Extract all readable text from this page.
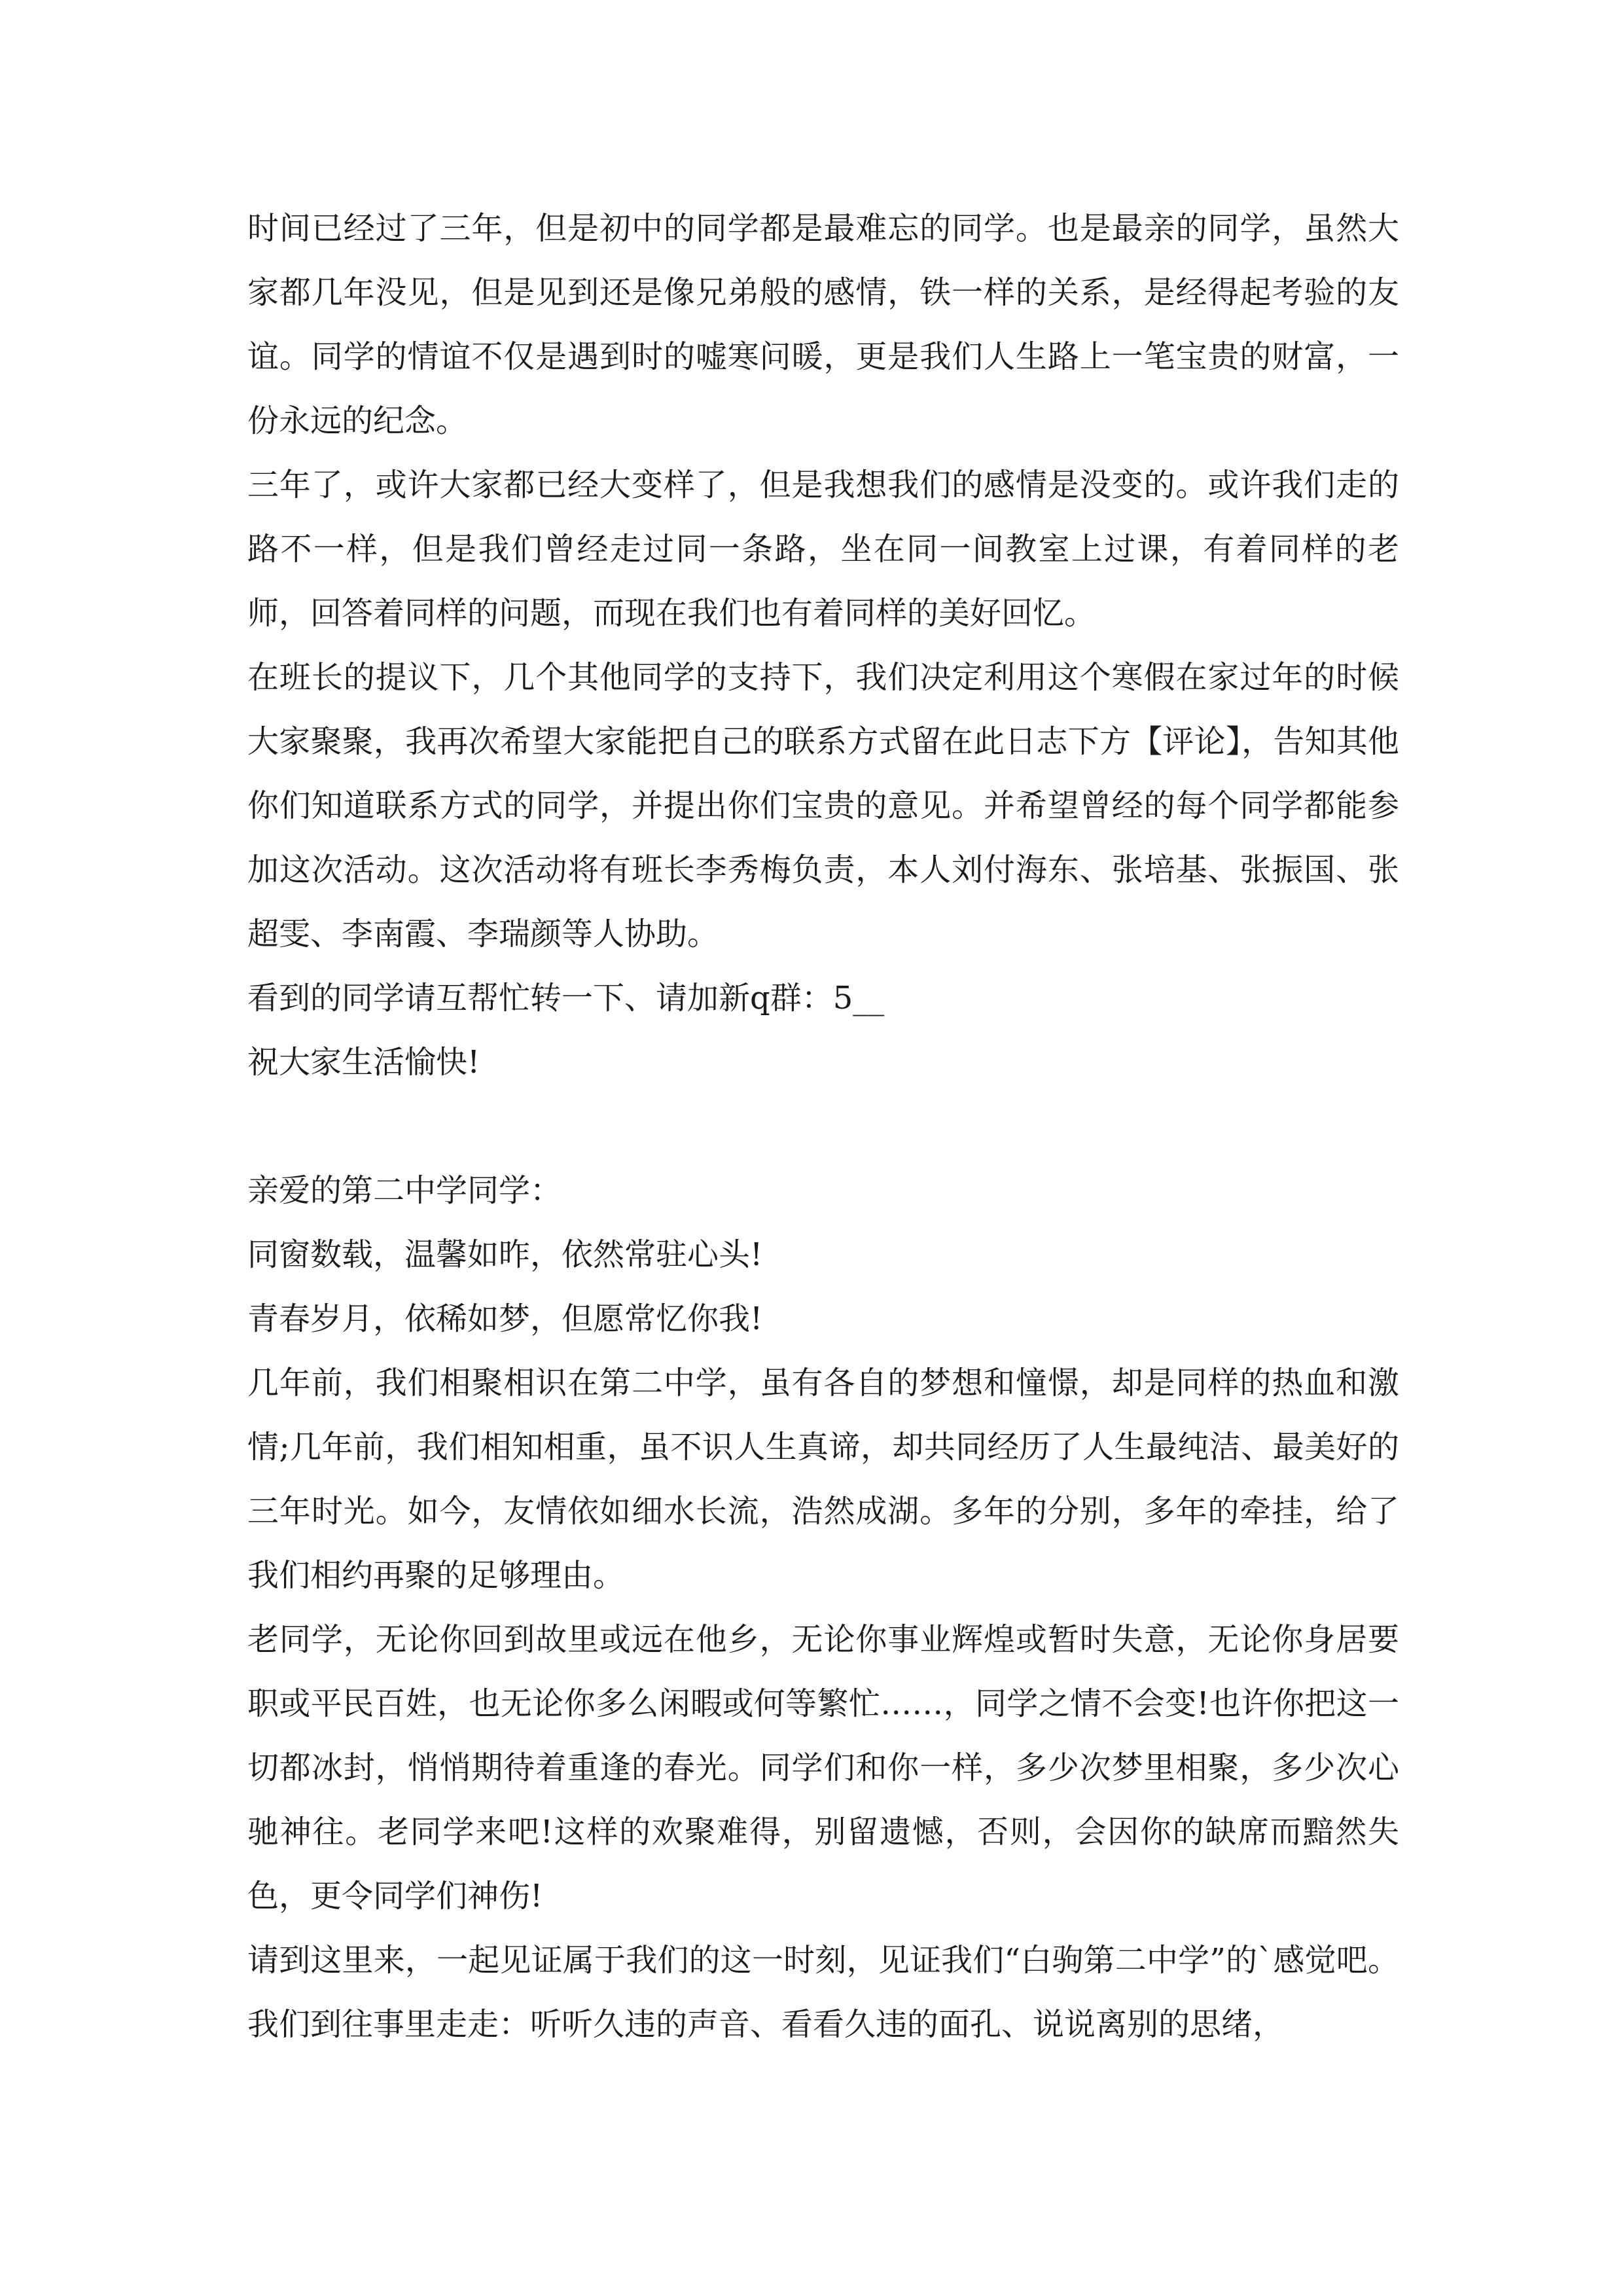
时间已经过了三年，但是初中的同学都是最难忘的同学。也是最亲的同学，虽然大家都几年没见，但是见到还是像兄弟般的感情，铁一样的关系，是经得起考验的友谊。同学的情谊不仅是遇到时的嘘寒问暖，更是我们人生路上一笔宝贵的财富，一份永远的纪念。

三年了，或许大家都已经大变样了，但是我想我们的感情是没变的。或许我们走的路不一样，但是我们曾经走过同一条路，坐在同一间教室上过课，有着同样的老师，回答着同样的问题，而现在我们也有着同样的美好回忆。

在班长的提议下，几个其他同学的支持下，我们决定利用这个寒假在家过年的时候大家聚聚，我再次希望大家能把自己的联系方式留在此日志下方【评论】，告知其他你们知道联系方式的同学，并提出你们宝贵的意见。并希望曾经的每个同学都能参加这次活动。这次活动将有班长李秀梅负责，本人刘付海东、张培基、张振国、张超雯、李南霞、李瑞颜等人协助。

看到的同学请互帮忙转一下、请加新q群：5__

祝大家生活愉快!

亲爱的第二中学同学：

同窗数载，温馨如昨，依然常驻心头!

青春岁月，依稀如梦，但愿常忆你我!

几年前，我们相聚相识在第二中学，虽有各自的梦想和憧憬，却是同样的热血和激情;几年前，我们相知相重，虽不识人生真谛，却共同经历了人生最纯洁、最美好的三年时光。如今，友情依如细水长流，浩然成湖。多年的分别，多年的牵挂，给了我们相约再聚的足够理由。

老同学，无论你回到故里或远在他乡，无论你事业辉煌或暂时失意，无论你身居要职或平民百姓，也无论你多么闲暇或何等繁忙……，同学之情不会变!也许你把这一切都冰封，悄悄期待着重逢的春光。同学们和你一样，多少次梦里相聚，多少次心驰神往。老同学来吧!这样的欢聚难得，别留遗憾，否则，会因你的缺席而黯然失色，更令同学们神伤!

请到这里来，一起见证属于我们的这一时刻，见证我们“白驹第二中学”的`感觉吧。我们到往事里走走：听听久违的声音、看看久违的面孔、说说离别的思绪，
